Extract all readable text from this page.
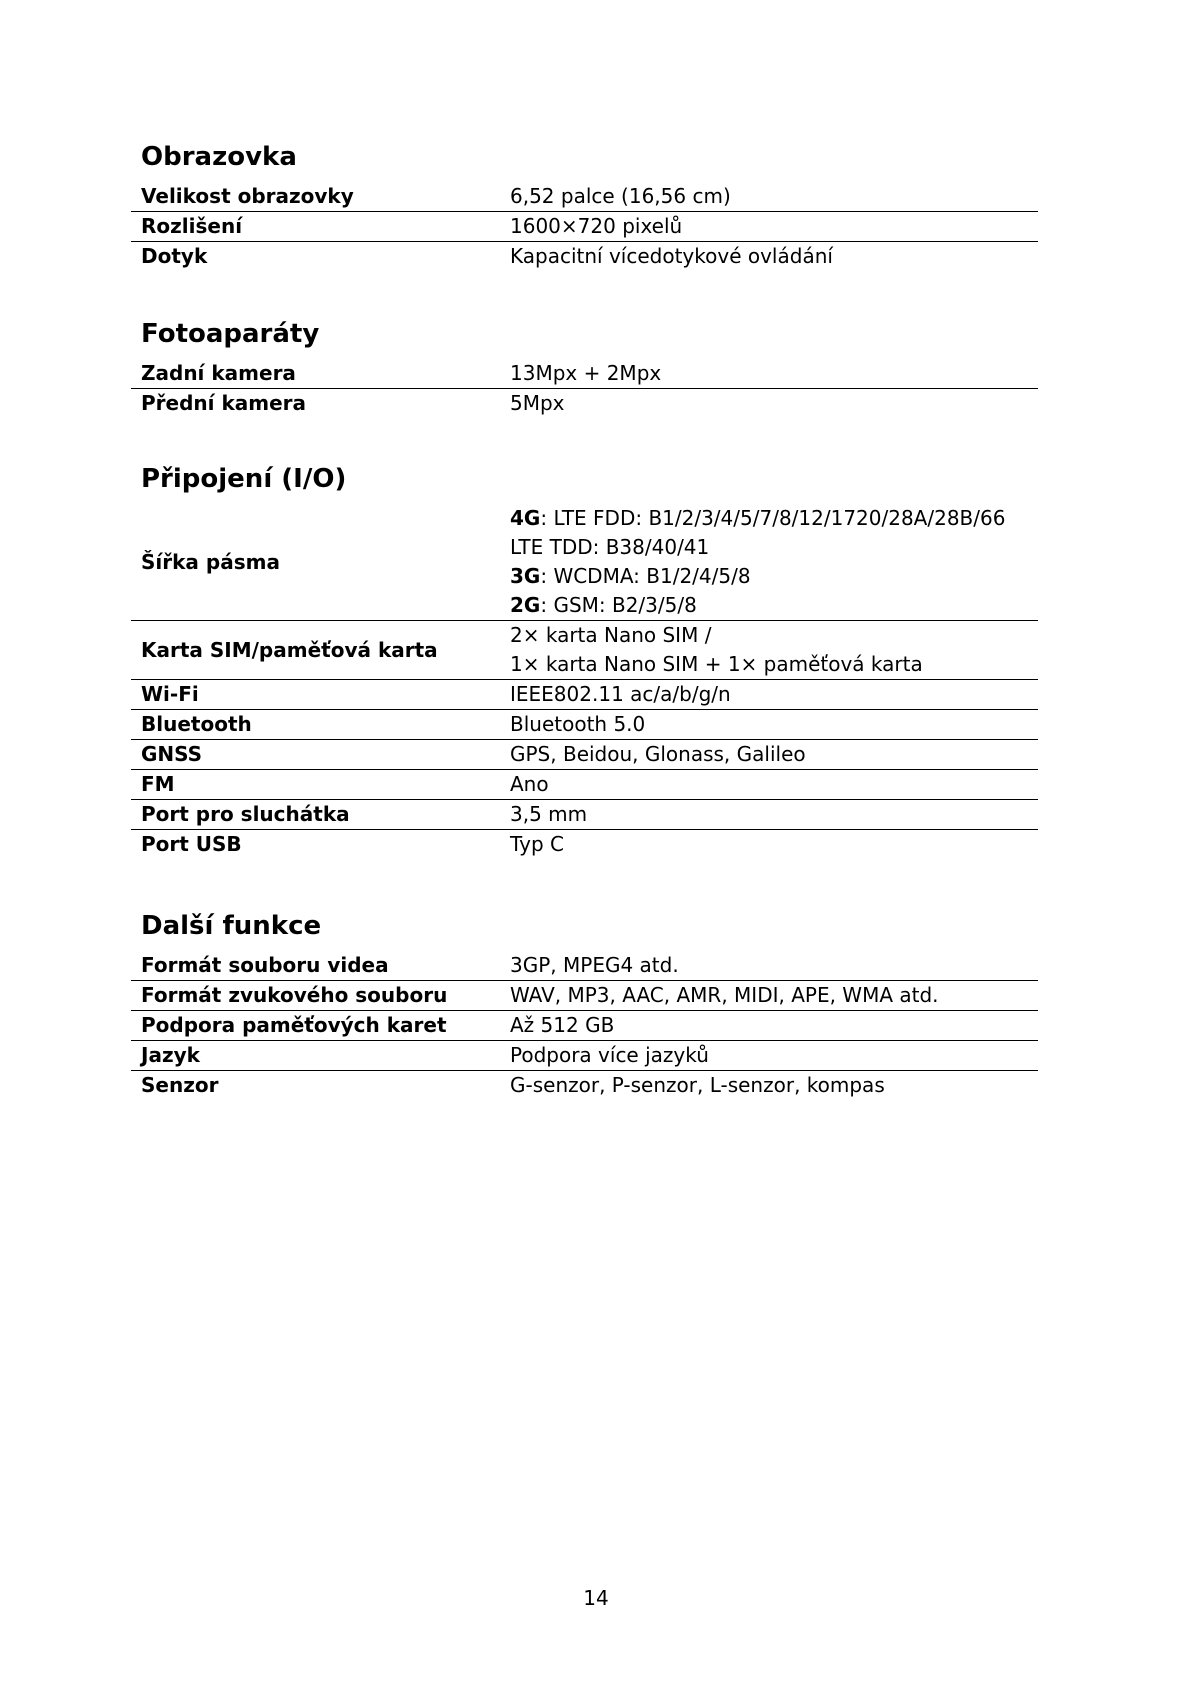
Obrazovka
Velikost obrazovky	6,52 palce (16,56 cm)
Rozlišení	1600×720 pixelů
Dotyk	Kapacitní vícedotykové ovládání
Fotoaparáty
Zadní kamera	13Mpx + 2Mpx
Přední kamera	5Mpx
Připojení (I/O)
Šířka pásma	4G: LTE FDD: B1/2/3/4/5/7/8/12/1720/28A/28B/66
LTE TDD: B38/40/41
3G: WCDMA: B1/2/4/5/8
2G: GSM: B2/3/5/8

Karta SIM/paměťová karta	2× karta Nano SIM /
1× karta Nano SIM + 1× paměťová karta

Wi-Fi	IEEE802.11 ac/a/b/g/n
Bluetooth	Bluetooth 5.0
GNSS	GPS, Beidou, Glonass, Galileo
FM	Ano
Port pro sluchátka	3,5 mm
Port USB	Typ C
Další funkce
Formát souboru videa	3GP, MPEG4 atd.
Formát zvukového souboru	WAV, MP3, AAC, AMR, MIDI, APE, WMA atd.
Podpora paměťových karet	Až 512 GB
Jazyk	Podpora více jazyků
Senzor	G-senzor, P-senzor, L-senzor, kompas
14
